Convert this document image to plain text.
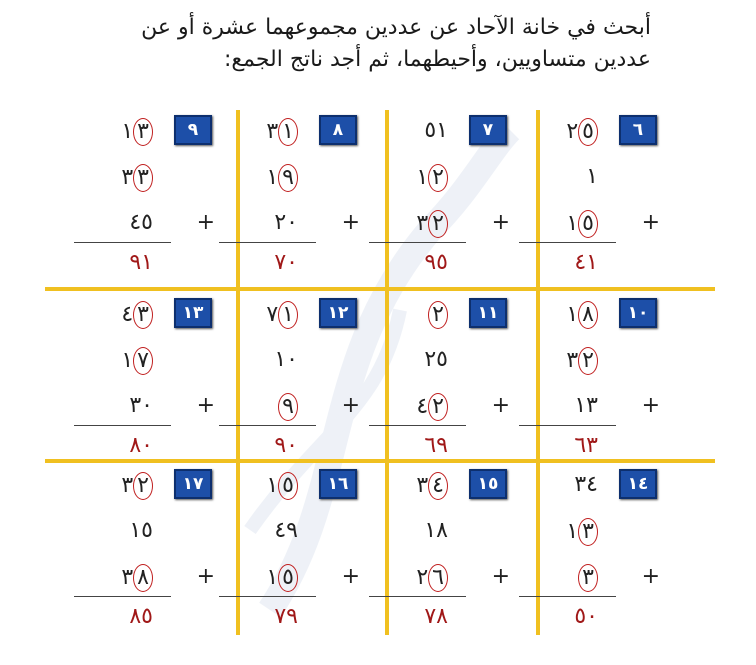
أبحث في خانة الآحاد عن عددين مجموعهما عشرة أو عن عددين متساويين، وأحيطهما، ثم أجد ناتج الجمع:
٦
٢ ٥
١
١ ٥ +
٤١
٧
٥١
١ ٢
٣ ٢ +
٩٥
٨
٣ ١
١ ٩
٢٠ +
٧٠
٩
١ ٣
٣ ٣
٤٥ +
٩١
١٠
١ ٨
٣ ٢
١٣ +
٦٣
١١
٢
٢٥
٤ ٢ +
٦٩
١٢
٧ ١
١٠
٩ +
٩٠
١٣
٤ ٣
١ ٧
٣٠ +
٨٠
١٤
٣٤
١ ٣
٣ +
٥٠
١٥
٣ ٤
١٨
٢ ٦ +
٧٨
١٦
١ ٥
٤٩
١ ٥ +
٧٩
١٧
٣ ٢
١٥
٣ ٨ +
٨٥
